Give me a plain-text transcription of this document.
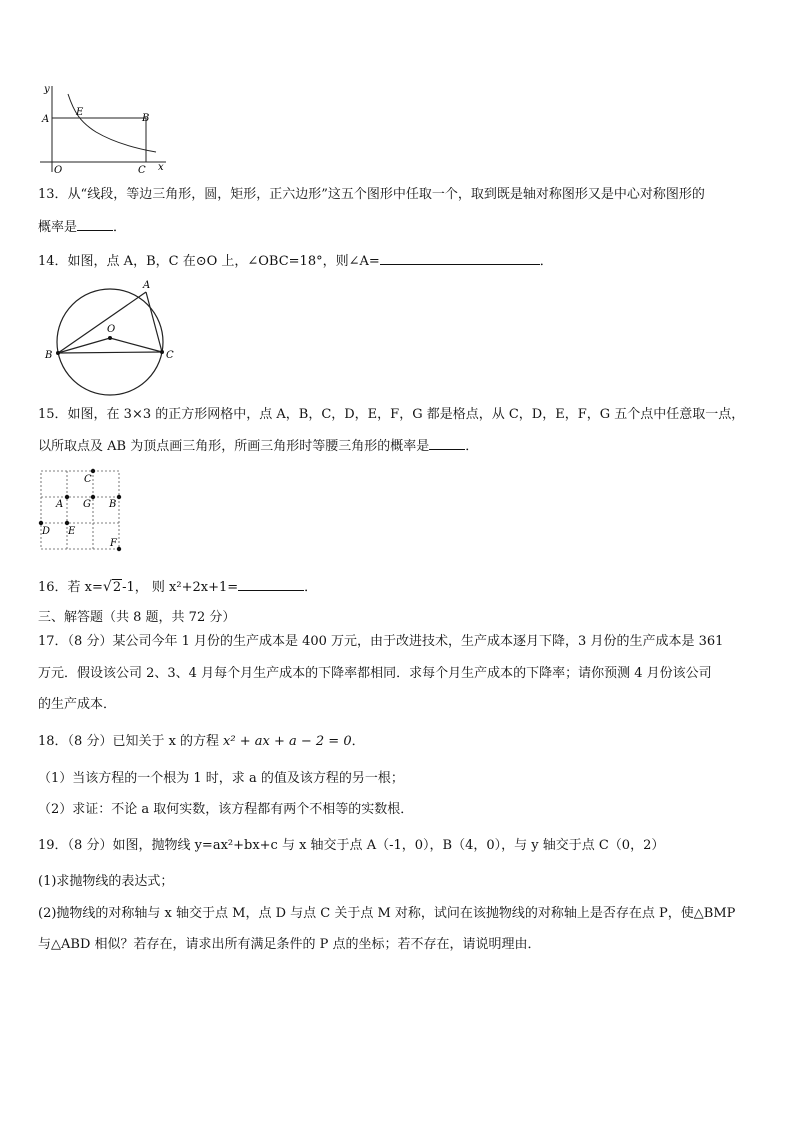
y
x
A
E
B
O	C
13．从“线段，等边三角形，圆，矩形，正六边形”这五个图形中任取一个，取到既是轴对称图形又是中心对称图形的
概率是	．
14．如图，点 A，B，C 在⊙O 上，∠OBC=18°，则∠A=	．
A
B	C
O
15．如图，在 3×3 的正方形网格中，点 A，B，C，D，E，F，G 都是格点，从 C，D，E，F，G 五个点中任意取一点，
以所取点及 AB 为顶点画三角形，所画三角形时等腰三角形的概率是	．
C
A G B
D E
F
16．若 x=√2-1， 则 x²+2x+1=	．
三、解答题（共 8 题，共 72 分）
17．（8 分）某公司今年 1 月份的生产成本是 400 万元，由于改进技术，生产成本逐月下降，3 月份的生产成本是 361
万元．假设该公司 2、3、4 月每个月生产成本的下降率都相同．求每个月生产成本的下降率；请你预测 4 月份该公司
的生产成本．
18．（8 分）已知关于 x 的方程 x² + ax + a − 2 = 0．
（1）当该方程的一个根为 1 时，求 a 的值及该方程的另一根；
（2）求证：不论 a 取何实数，该方程都有两个不相等的实数根．
19．（8 分）如图，抛物线 y=ax²+bx+c 与 x 轴交于点 A（-1，0），B（4，0），与 y 轴交于点 C（0，2）
(1)求抛物线的表达式；
(2)抛物线的对称轴与 x 轴交于点 M，点 D 与点 C 关于点 M 对称，试问在该抛物线的对称轴上是否存在点 P，使△BMP
与△ABD 相似？若存在，请求出所有满足条件的 P 点的坐标；若不存在，请说明理由．
